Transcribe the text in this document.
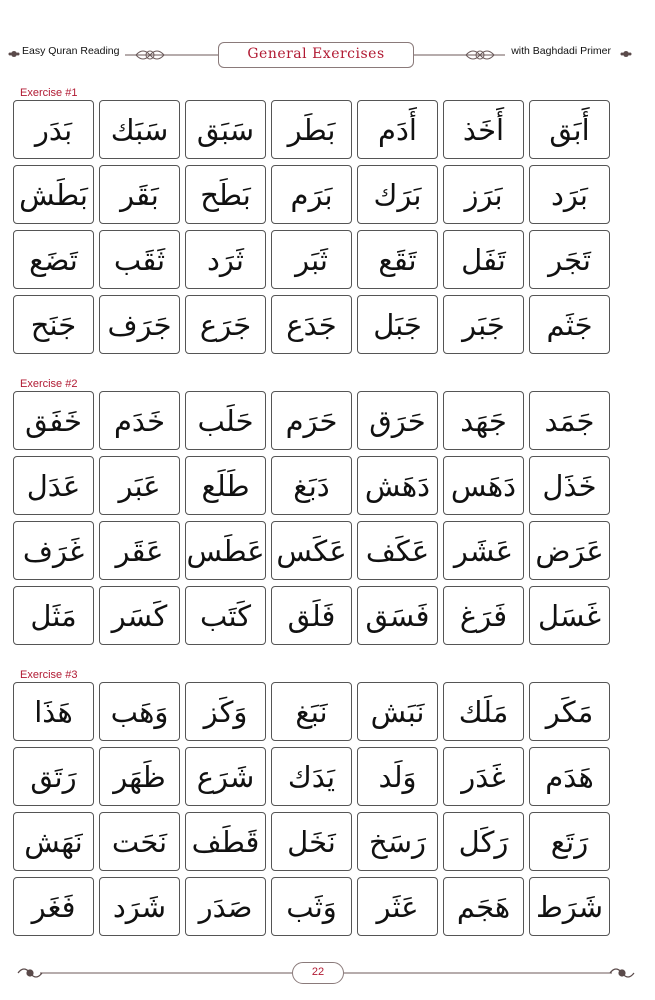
Easy Quran Reading	General Exercises	with Baghdadi Primer
Exercise #1
أَبَق
أَخَذ
أَدَم
بَطَر
سَبَق
سَبَك
بَدَر
بَرَد
بَرَز
بَرَك
بَرَم
بَطَح
بَقَر
بَطَش
تَجَر
تَفَل
تَقَع
ثَبَر
ثَرَد
ثَقَب
تَضَع
جَثَم
جَبَر
جَبَل
جَدَع
جَرَع
جَرَف
جَنَح
Exercise #2
جَمَد
جَهَد
حَرَق
حَرَم
حَلَب
خَدَم
خَفَق
خَذَل
دَهَس
دَهَش
دَبَغ
طَلَع
عَبَر
عَدَل
عَرَض
عَشَر
عَكَف
عَكَس
عَطَس
عَقَر
غَرَف
غَسَل
فَرَغ
فَسَق
فَلَق
كَتَب
كَسَر
مَثَل
Exercise #3
مَكَر
مَلَك
نَبَش
نَبَغ
وَكَز
وَهَب
هَذَا
هَدَم
غَدَر
وَلَد
يَدَك
شَرَع
ظَهَر
رَتَق
رَتَع
رَكَل
رَسَخ
نَخَل
قَطَف
نَحَت
نَهَش
شَرَط
هَجَم
عَثَر
وَثَب
صَدَر
شَرَد
فَغَر
22
